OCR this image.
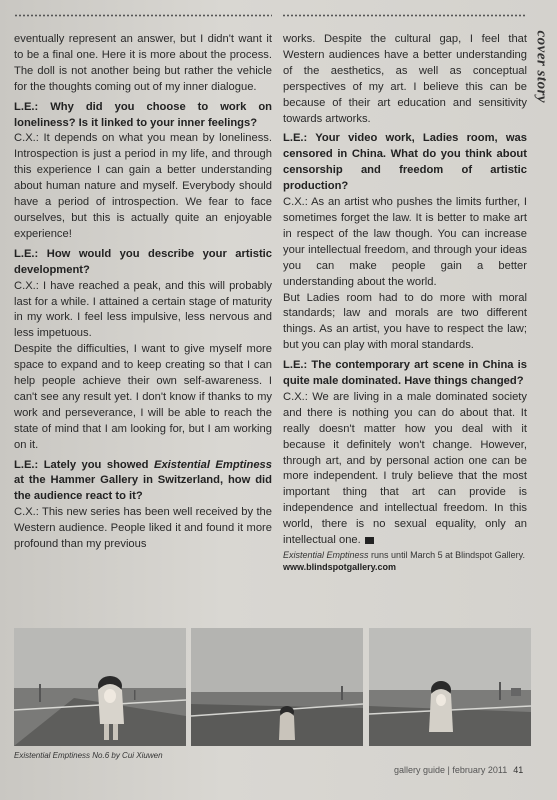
cover story

eventually represent an answer, but I didn't want it to be a final one. Here it is more about the process. The doll is not another being but rather the vehicle for the thoughts coming out of my inner dialogue.

L.E.: Why did you choose to work on loneliness? Is it linked to your inner feelings?

C.X.: It depends on what you mean by loneliness. Introspection is just a period in my life, and through this experience I can gain a better understanding about human nature and myself. Everybody should have a period of introspection. We fear to face ourselves, but this is actually quite an enjoyable experience!

L.E.: How would you describe your artistic development?

C.X.: I have reached a peak, and this will probably last for a while. I attained a certain stage of maturity in my work. I feel less impulsive, less nervous and less impetuous.

Despite the difficulties, I want to give myself more space to expand and to keep creating so that I can help people achieve their own self-awareness. I can't see any result yet. I don't know if thanks to my work and perseverance, I will be able to reach the state of mind that I am looking for, but I am working on it.

L.E.: Lately you showed Existential Emptiness at the Hammer Gallery in Switzerland, how did the audience react to it?

C.X.: This new series has been well received by the Western audience. People liked it and found it more profound than my previous

works. Despite the cultural gap, I feel that Western audiences have a better understanding of the aesthetics, as well as conceptual perspectives of my art. I believe this can be because of their art education and sensitivity towards artworks.

L.E.: Your video work, Ladies room, was censored in China. What do you think about censorship and freedom of artistic production?

C.X.: As an artist who pushes the limits further, I sometimes forget the law. It is better to make art in respect of the law though. You can increase your intellectual freedom, and through your ideas you can make people gain a better understanding about the world.

But Ladies room had to do more with moral standards; law and morals are two different things. As an artist, you have to respect the law; but you can play with moral standards.

L.E.: The contemporary art scene in China is quite male dominated. Have things changed?

C.X.: We are living in a male dominated society and there is nothing you can do about that. It really doesn't matter how you deal with it because it definitely won't change. However, through art, and by personal action one can be more independent. I truly believe that the most important thing that art can provide is independence and intellectual freedom. In this world, there is no sexual equality, only an intellectual one.

Existential Emptiness runs until March 5 at Blindspot Gallery.

www.blindspotgallery.com

Existential Emptiness No.6 by Cui Xiuwen
gallery guide | february 2011 41
